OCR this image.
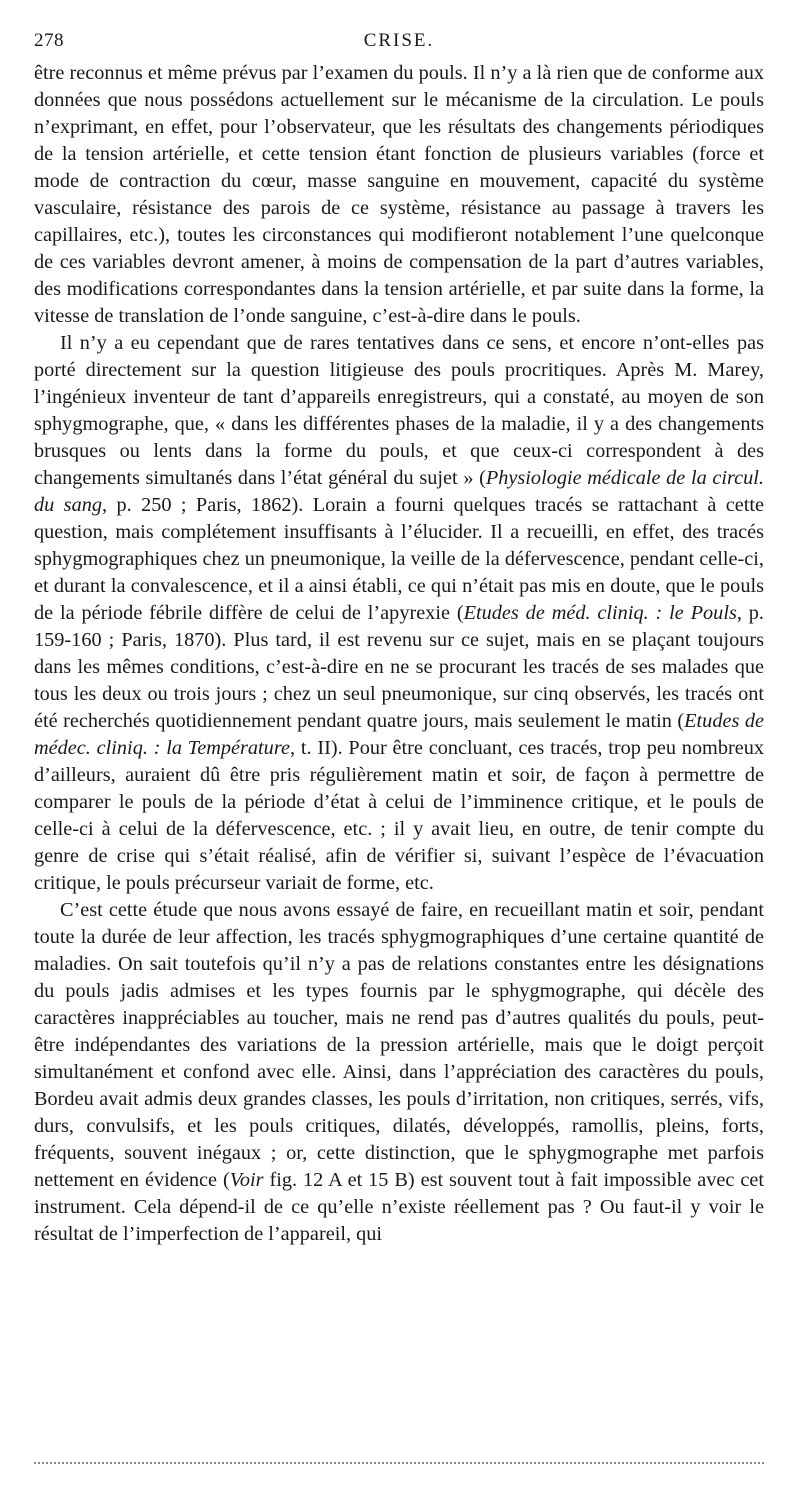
278	CRISE.

être reconnus et même prévus par l’examen du pouls. Il n’y a là rien que de conforme aux données que nous possédons actuellement sur le mécanisme de la circulation. Le pouls n’exprimant, en effet, pour l’observateur, que les résultats des changements périodiques de la tension artérielle, et cette tension étant fonction de plusieurs variables (force et mode de contraction du cœur, masse sanguine en mouvement, capacité du système vasculaire, résistance des parois de ce système, résistance au passage à travers les capillaires, etc.), toutes les circonstances qui modifieront notablement l’une quelconque de ces variables devront amener, à moins de compensation de la part d’autres variables, des modifications correspondantes dans la tension artérielle, et par suite dans la forme, la vitesse de translation de l’onde sanguine, c’est-à-dire dans le pouls.

Il n’y a eu cependant que de rares tentatives dans ce sens, et encore n’ont-elles pas porté directement sur la question litigieuse des pouls procritiques. Après M. Marey, l’ingénieux inventeur de tant d’appareils enregistreurs, qui a constaté, au moyen de son sphygmographe, que, « dans les différentes phases de la maladie, il y a des changements brusques ou lents dans la forme du pouls, et que ceux-ci correspondent à des changements simultanés dans l’état général du sujet » (Physiologie médicale de la circul. du sang, p. 250 ; Paris, 1862). Lorain a fourni quelques tracés se rattachant à cette question, mais complétement insuffisants à l’élucider. Il a recueilli, en effet, des tracés sphygmographiques chez un pneumonique, la veille de la défervescence, pendant celle-ci, et durant la convalescence, et il a ainsi établi, ce qui n’était pas mis en doute, que le pouls de la période fébrile diffère de celui de l’apyrexie (Etudes de méd. cliniq. : le Pouls, p. 159-160 ; Paris, 1870). Plus tard, il est revenu sur ce sujet, mais en se plaçant toujours dans les mêmes conditions, c’est-à-dire en ne se procurant les tracés de ses malades que tous les deux ou trois jours ; chez un seul pneumonique, sur cinq observés, les tracés ont été recherchés quotidiennement pendant quatre jours, mais seulement le matin (Etudes de médec. cliniq. : la Température, t. II). Pour être concluant, ces tracés, trop peu nombreux d’ailleurs, auraient dû être pris régulièrement matin et soir, de façon à permettre de comparer le pouls de la période d’état à celui de l’imminence critique, et le pouls de celle-ci à celui de la défervescence, etc. ; il y avait lieu, en outre, de tenir compte du genre de crise qui s’était réalisé, afin de vérifier si, suivant l’espèce de l’évacuation critique, le pouls précurseur variait de forme, etc.

C’est cette étude que nous avons essayé de faire, en recueillant matin et soir, pendant toute la durée de leur affection, les tracés sphygmographiques d’une certaine quantité de maladies. On sait toutefois qu’il n’y a pas de relations constantes entre les désignations du pouls jadis admises et les types fournis par le sphygmographe, qui décèle des caractères inappréciables au toucher, mais ne rend pas d’autres qualités du pouls, peut-être indépendantes des variations de la pression artérielle, mais que le doigt perçoit simultanément et confond avec elle. Ainsi, dans l’appréciation des caractères du pouls, Bordeu avait admis deux grandes classes, les pouls d’irritation, non critiques, serrés, vifs, durs, convulsifs, et les pouls critiques, dilatés, développés, ramollis, pleins, forts, fréquents, souvent inégaux ; or, cette distinction, que le sphygmographe met parfois nettement en évidence (Voir fig. 12 A et 15 B) est souvent tout à fait impossible avec cet instrument. Cela dépend-il de ce qu’elle n’existe réellement pas ? Ou faut-il y voir le résultat de l’imperfection de l’appareil, qui
